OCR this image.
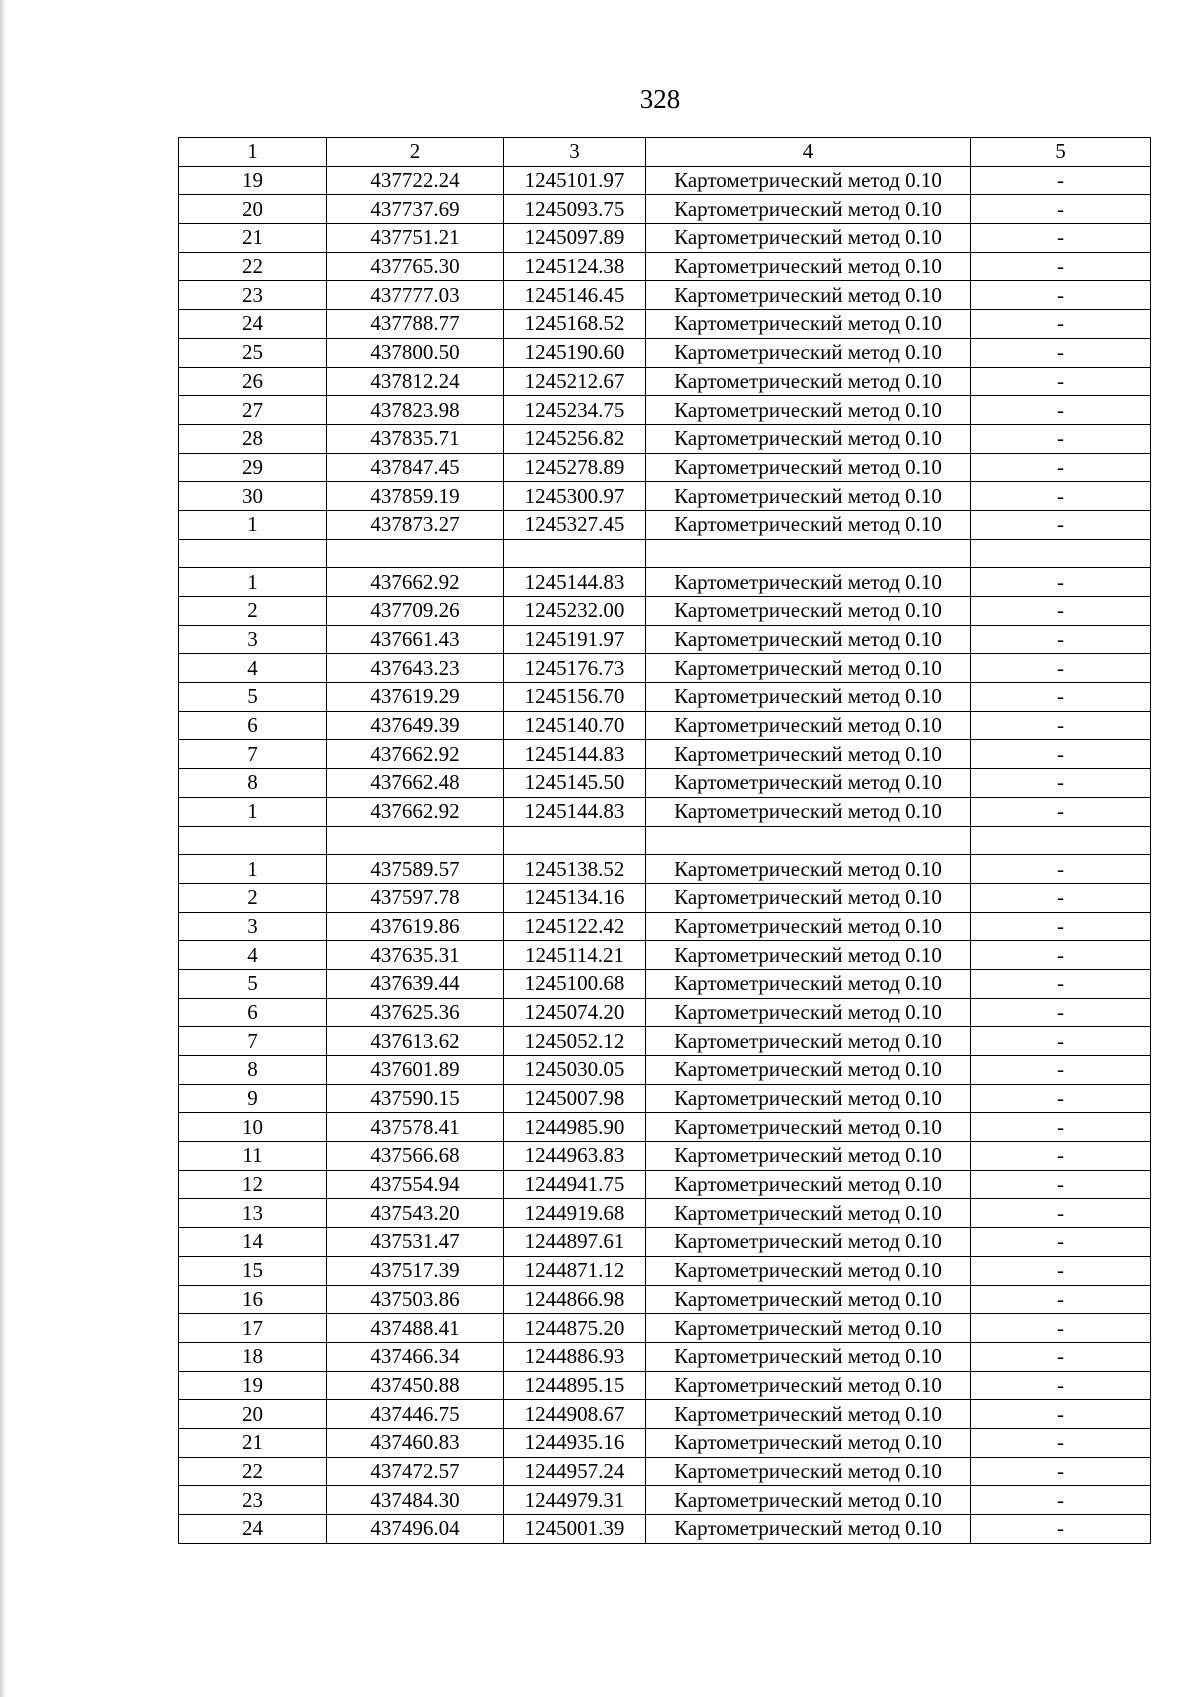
328
1	2	3	4	5
19	437722.24	1245101.97	Картометрический метод 0.10	-
20	437737.69	1245093.75	Картометрический метод 0.10	-
21	437751.21	1245097.89	Картометрический метод 0.10	-
22	437765.30	1245124.38	Картометрический метод 0.10	-
23	437777.03	1245146.45	Картометрический метод 0.10	-
24	437788.77	1245168.52	Картометрический метод 0.10	-
25	437800.50	1245190.60	Картометрический метод 0.10	-
26	437812.24	1245212.67	Картометрический метод 0.10	-
27	437823.98	1245234.75	Картометрический метод 0.10	-
28	437835.71	1245256.82	Картометрический метод 0.10	-
29	437847.45	1245278.89	Картометрический метод 0.10	-
30	437859.19	1245300.97	Картометрический метод 0.10	-
1	437873.27	1245327.45	Картометрический метод 0.10	-

1	437662.92	1245144.83	Картометрический метод 0.10	-
2	437709.26	1245232.00	Картометрический метод 0.10	-
3	437661.43	1245191.97	Картометрический метод 0.10	-
4	437643.23	1245176.73	Картометрический метод 0.10	-
5	437619.29	1245156.70	Картометрический метод 0.10	-
6	437649.39	1245140.70	Картометрический метод 0.10	-
7	437662.92	1245144.83	Картометрический метод 0.10	-
8	437662.48	1245145.50	Картометрический метод 0.10	-
1	437662.92	1245144.83	Картометрический метод 0.10	-

1	437589.57	1245138.52	Картометрический метод 0.10	-
2	437597.78	1245134.16	Картометрический метод 0.10	-
3	437619.86	1245122.42	Картометрический метод 0.10	-
4	437635.31	1245114.21	Картометрический метод 0.10	-
5	437639.44	1245100.68	Картометрический метод 0.10	-
6	437625.36	1245074.20	Картометрический метод 0.10	-
7	437613.62	1245052.12	Картометрический метод 0.10	-
8	437601.89	1245030.05	Картометрический метод 0.10	-
9	437590.15	1245007.98	Картометрический метод 0.10	-
10	437578.41	1244985.90	Картометрический метод 0.10	-
11	437566.68	1244963.83	Картометрический метод 0.10	-
12	437554.94	1244941.75	Картометрический метод 0.10	-
13	437543.20	1244919.68	Картометрический метод 0.10	-
14	437531.47	1244897.61	Картометрический метод 0.10	-
15	437517.39	1244871.12	Картометрический метод 0.10	-
16	437503.86	1244866.98	Картометрический метод 0.10	-
17	437488.41	1244875.20	Картометрический метод 0.10	-
18	437466.34	1244886.93	Картометрический метод 0.10	-
19	437450.88	1244895.15	Картометрический метод 0.10	-
20	437446.75	1244908.67	Картометрический метод 0.10	-
21	437460.83	1244935.16	Картометрический метод 0.10	-
22	437472.57	1244957.24	Картометрический метод 0.10	-
23	437484.30	1244979.31	Картометрический метод 0.10	-
24	437496.04	1245001.39	Картометрический метод 0.10	-
